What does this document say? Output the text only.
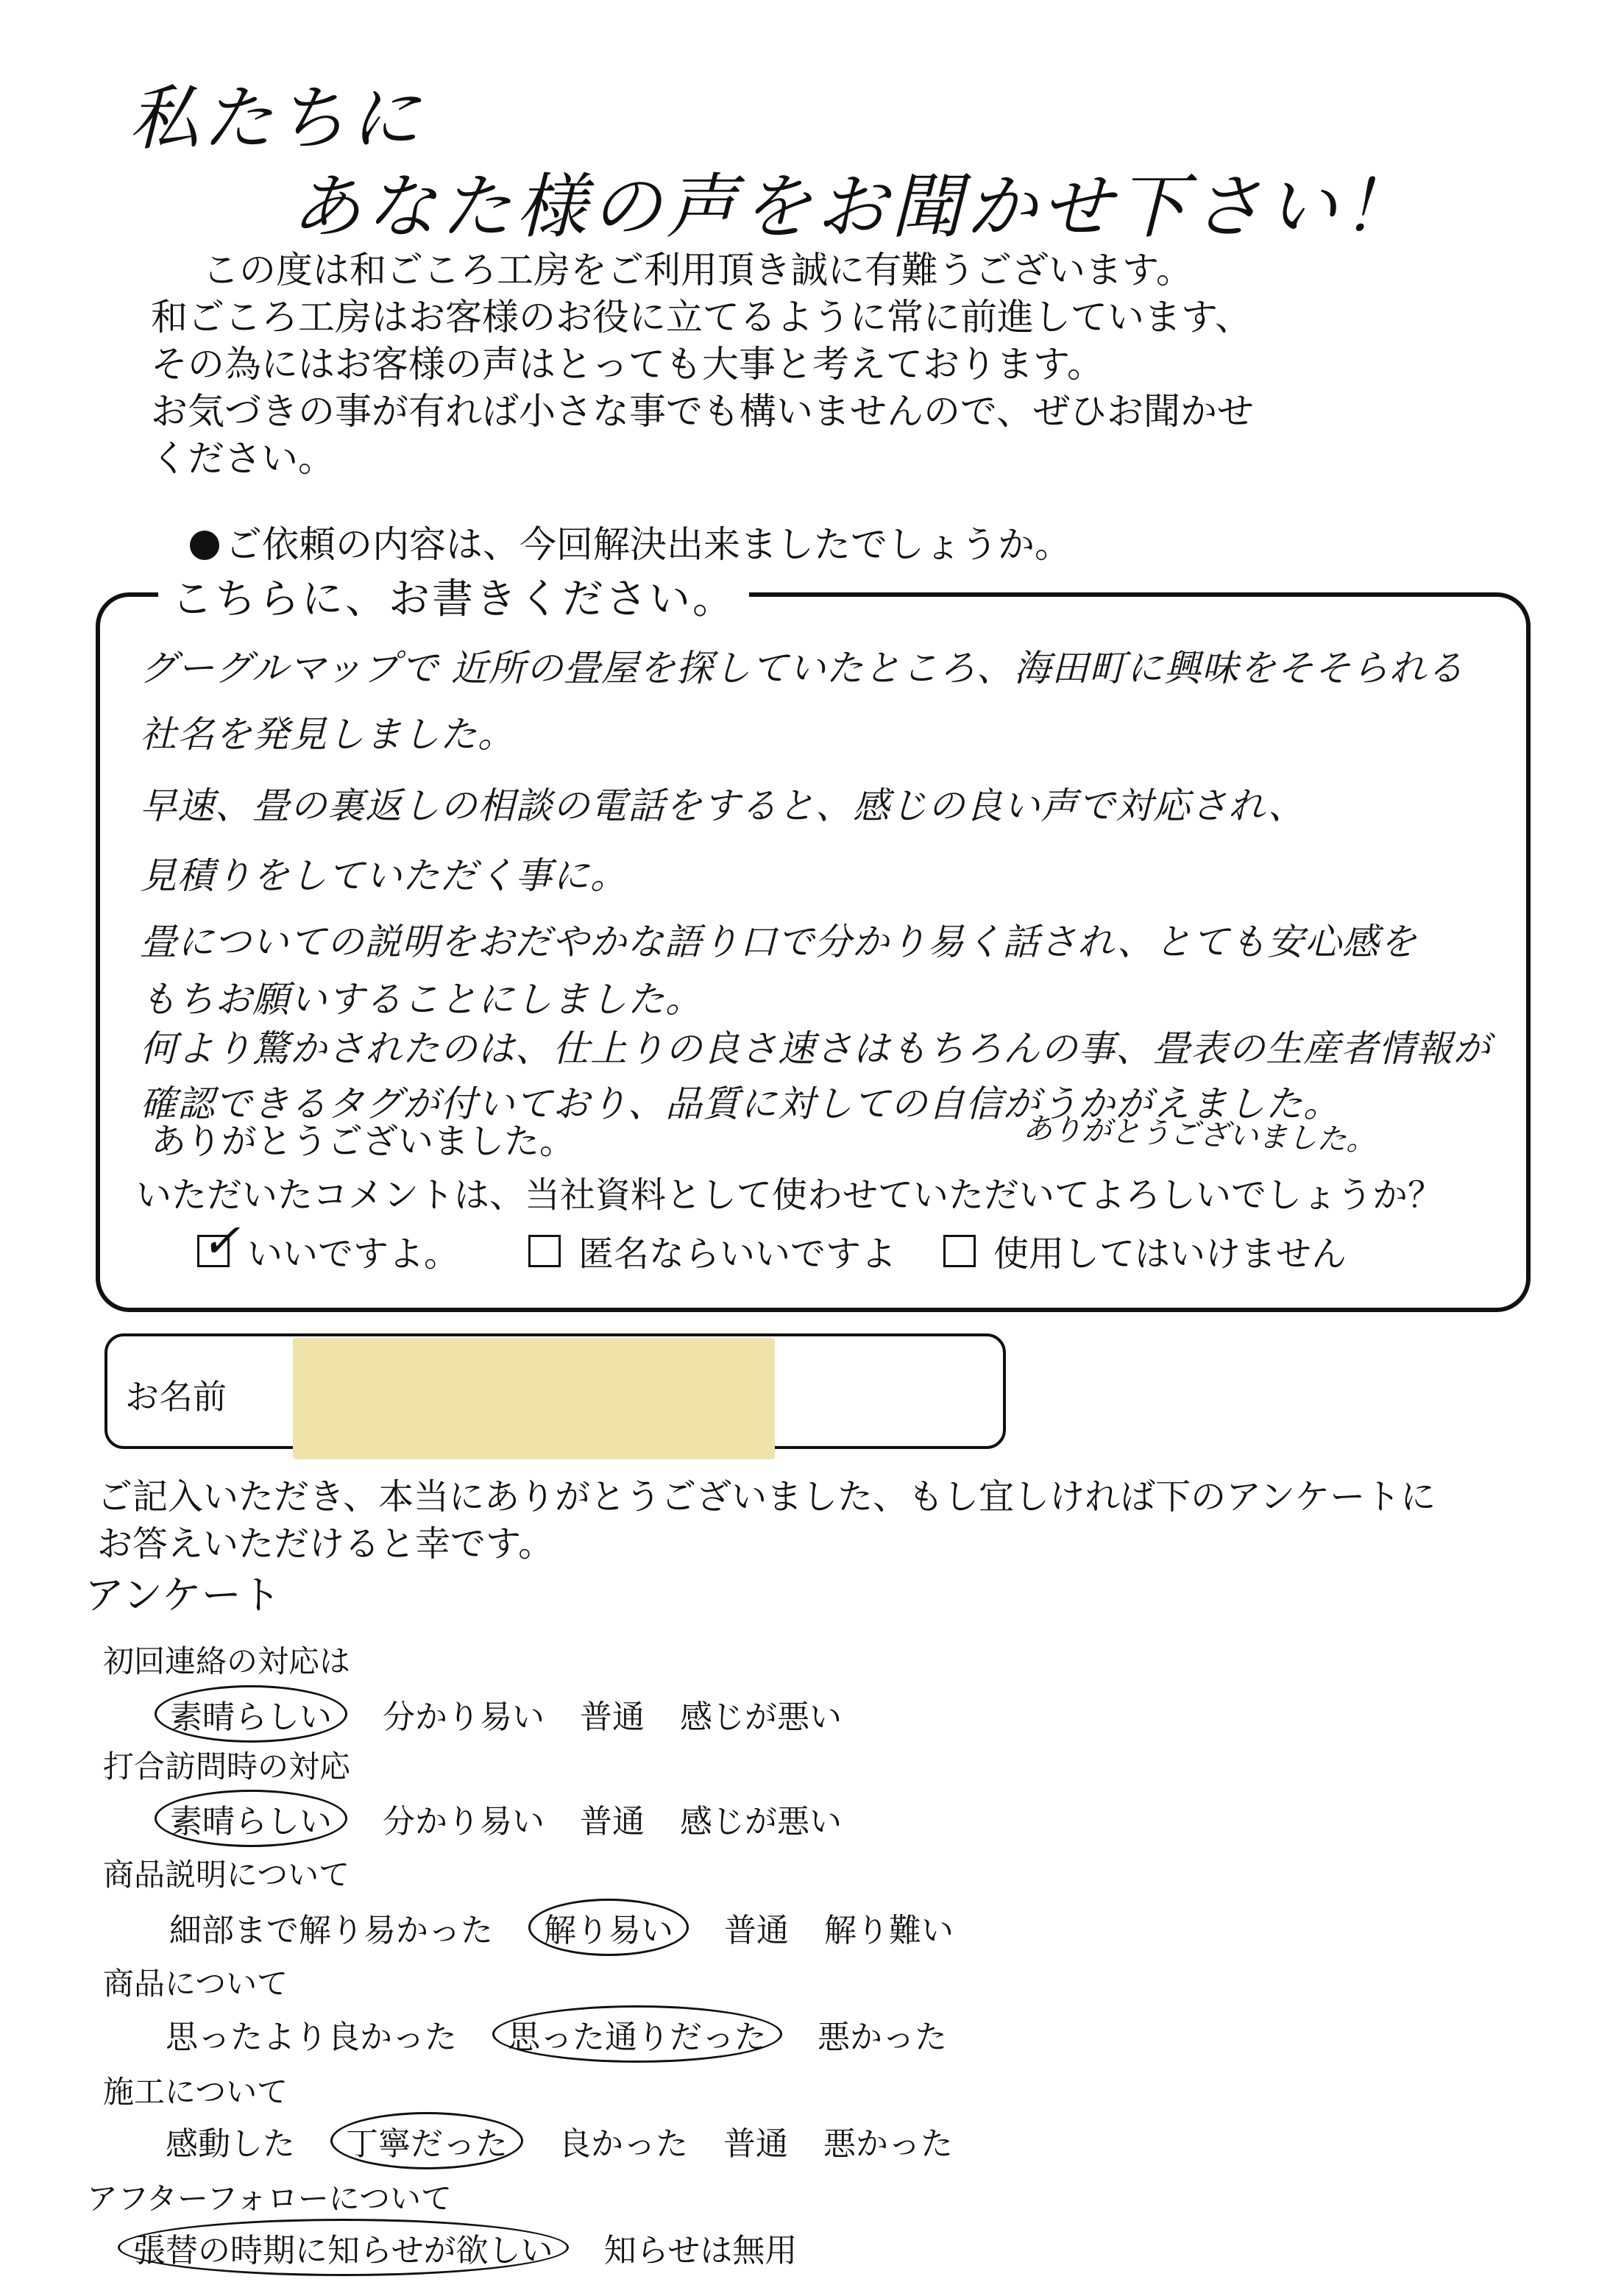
私たちに
あなた様の声をお聞かせ下さい！
この度は和ごころ工房をご利用頂き誠に有難うございます。
和ごころ工房はお客様のお役に立てるように常に前進しています、
その為にはお客様の声はとっても大事と考えております。
お気づきの事が有れば小さな事でも構いませんので、ぜひお聞かせ
ください。
ご依頼の内容は、今回解決出来ましたでしょうか。
こちらに、お書きください。
グーグルマップで 近所の畳屋を探していたところ、海田町に興味をそそられる
社名を発見しました。
早速、畳の裏返しの相談の電話をすると、感じの良い声で対応され、
見積りをしていただく事に。
畳についての説明をおだやかな語り口で分かり易く話され、とても安心感を
もちお願いすることにしました。
何より驚かされたのは、仕上りの良さ速さはもちろんの事、畳表の生産者情報が
確認できるタグが付いており、品質に対しての自信がうかがえました。
ありがとうございました。	ありがとうございました。
いただいたコメントは、当社資料として使わせていただいてよろしいでしょうか？
✓ いいですよ。	匿名ならいいですよ	使用してはいけません
お名前
ご記入いただき、本当にありがとうございました、もし宜しければ下のアンケートに
お答えいただけると幸です。
アンケート
初回連絡の対応は
素晴らしい	分かり易い 普通 感じが悪い
打合訪問時の対応
素晴らしい	分かり易い 普通 感じが悪い
商品説明について
細部まで解り易かった	解り易い	普通 解り難い
商品について
思ったより良かった	思った通りだった	悪かった
施工について
感動した	丁寧だった	良かった 普通 悪かった
アフターフォローについて
張替の時期に知らせが欲しい	知らせは無用
